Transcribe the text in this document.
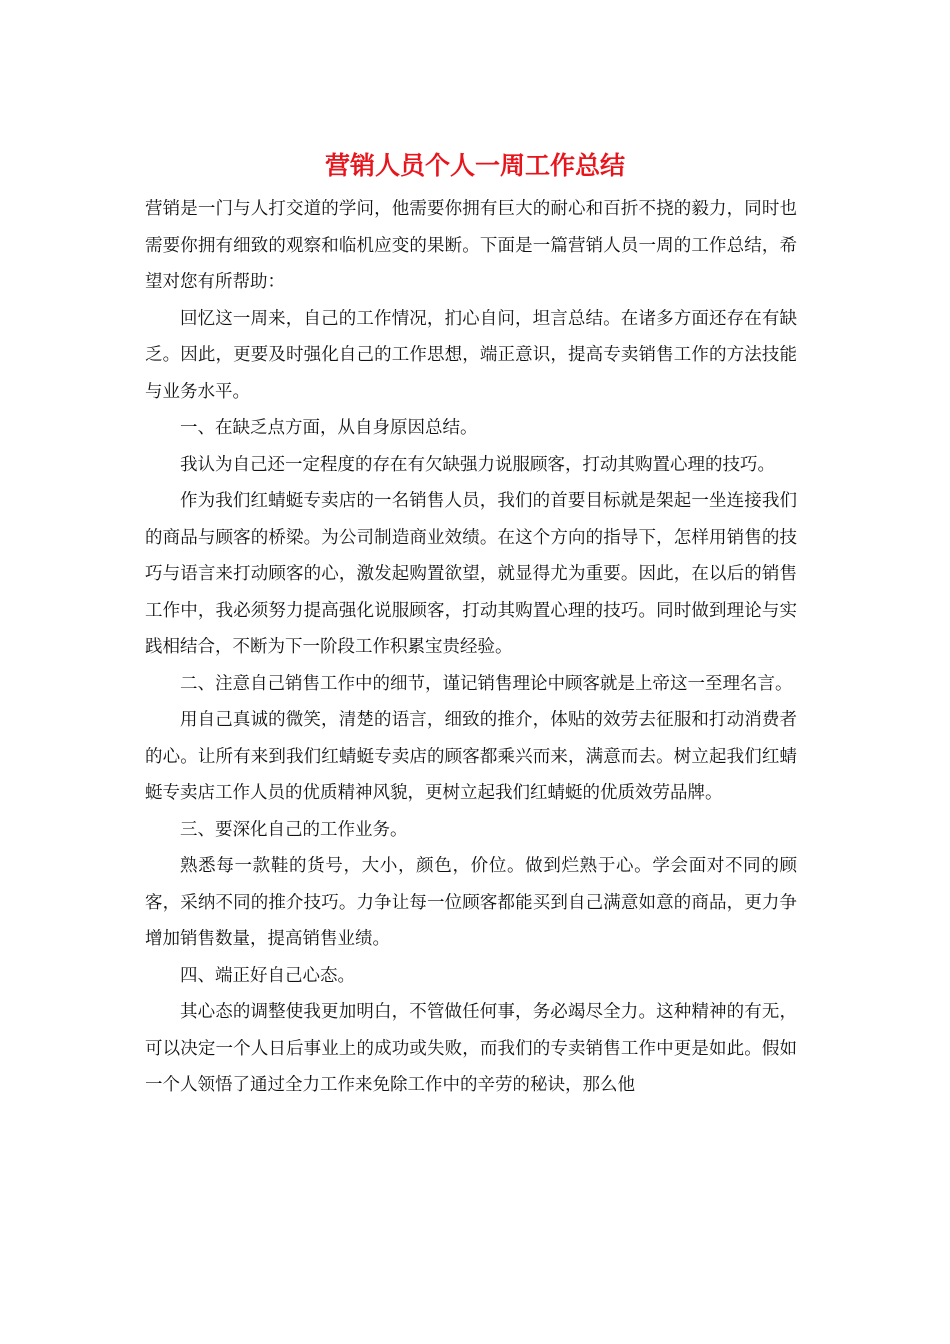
营销人员个人一周工作总结

营销是一门与人打交道的学问，他需要你拥有巨大的耐心和百折不挠的毅力，同时也需要你拥有细致的观察和临机应变的果断。下面是一篇营销人员一周的工作总结，希望对您有所帮助：

回忆这一周来，自己的工作情况，扪心自问，坦言总结。在诸多方面还存在有缺乏。因此，更要及时强化自己的工作思想，端正意识，提高专卖销售工作的方法技能与业务水平。

一、在缺乏点方面，从自身原因总结。

我认为自己还一定程度的存在有欠缺强力说服顾客，打动其购置心理的技巧。

作为我们红蜻蜓专卖店的一名销售人员，我们的首要目标就是架起一坐连接我们的商品与顾客的桥梁。为公司制造商业效绩。在这个方向的指导下，怎样用销售的技巧与语言来打动顾客的心，激发起购置欲望，就显得尤为重要。因此，在以后的销售工作中，我必须努力提高强化说服顾客，打动其购置心理的技巧。同时做到理论与实践相结合，不断为下一阶段工作积累宝贵经验。

二、注意自己销售工作中的细节，谨记销售理论中顾客就是上帝这一至理名言。

用自己真诚的微笑，清楚的语言，细致的推介，体贴的效劳去征服和打动消费者的心。让所有来到我们红蜻蜓专卖店的顾客都乘兴而来，满意而去。树立起我们红蜻蜓专卖店工作人员的优质精神风貌，更树立起我们红蜻蜓的优质效劳品牌。

三、要深化自己的工作业务。

熟悉每一款鞋的货号，大小，颜色，价位。做到烂熟于心。学会面对不同的顾客，采纳不同的推介技巧。力争让每一位顾客都能买到自己满意如意的商品，更力争增加销售数量，提高销售业绩。

四、端正好自己心态。

其心态的调整使我更加明白，不管做任何事，务必竭尽全力。这种精神的有无，可以决定一个人日后事业上的成功或失败，而我们的专卖销售工作中更是如此。假如一个人领悟了通过全力工作来免除工作中的辛劳的秘诀，那么他
